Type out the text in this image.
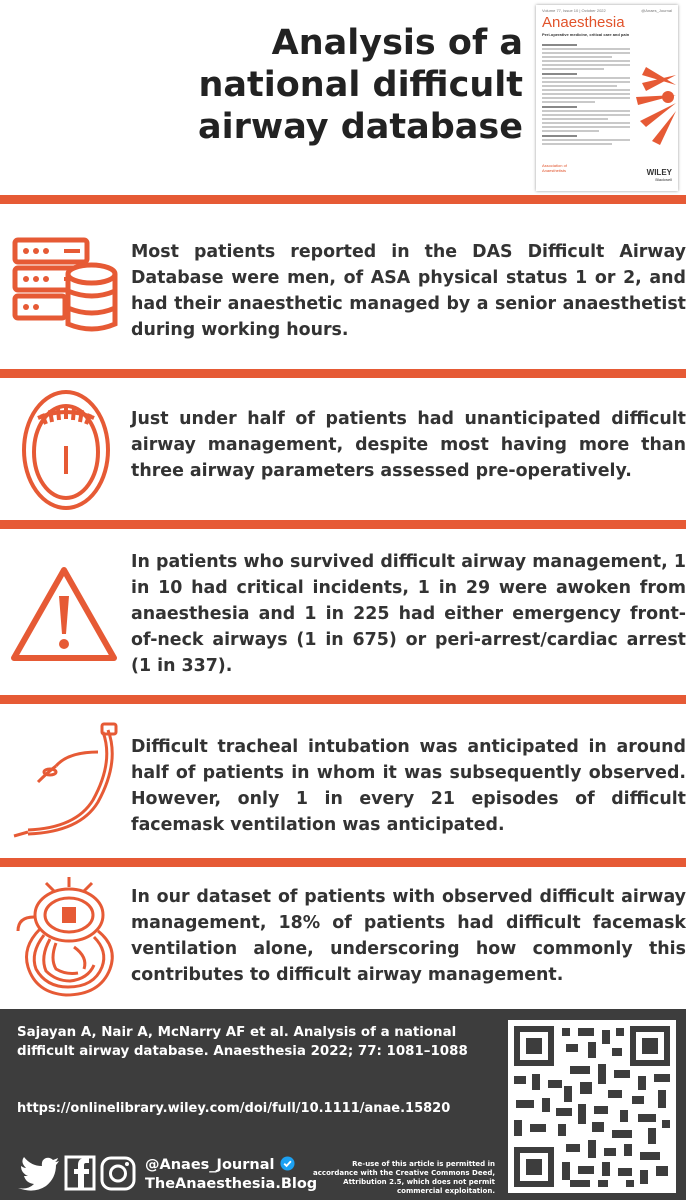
Analysis of a national difficult airway database
Volume 77, Issue 10 | October 2022	@Anaes_Journal
Anaesthesia
Peri-operative medicine, critical care and pain
Association of Anaesthetists	WILEY
Blackwell
Most patients reported in the DAS Difficult Airway Database were men, of ASA physical status 1 or 2, and had their anaesthetic managed by a senior anaesthetist during working hours.
Just under half of patients had unanticipated difficult airway management, despite most having more than three airway parameters assessed pre-operatively.
In patients who survived difficult airway management, 1 in 10 had critical incidents, 1 in 29 were awoken from anaesthesia and 1 in 225 had either emergency front-of-neck airways (1 in 675) or peri-arrest/cardiac arrest (1 in 337).
Difficult tracheal intubation was anticipated in around half of patients in whom it was subsequently observed. However, only 1 in every 21 episodes of difficult facemask ventilation was anticipated.
In our dataset of patients with observed difficult airway management, 18% of patients had difficult facemask ventilation alone, underscoring how commonly this contributes to difficult airway management.
Sajayan A, Nair A, McNarry AF et al. Analysis of a national difficult airway database. Anaesthesia 2022; 77: 1081–1088
https://onlinelibrary.wiley.com/doi/full/10.1111/anae.15820
@Anaes_Journal
TheAnaesthesia.Blog
Re-use of this article is permitted in accordance with the Creative Commons Deed, Attribution 2.5, which does not permit commercial exploitation.
